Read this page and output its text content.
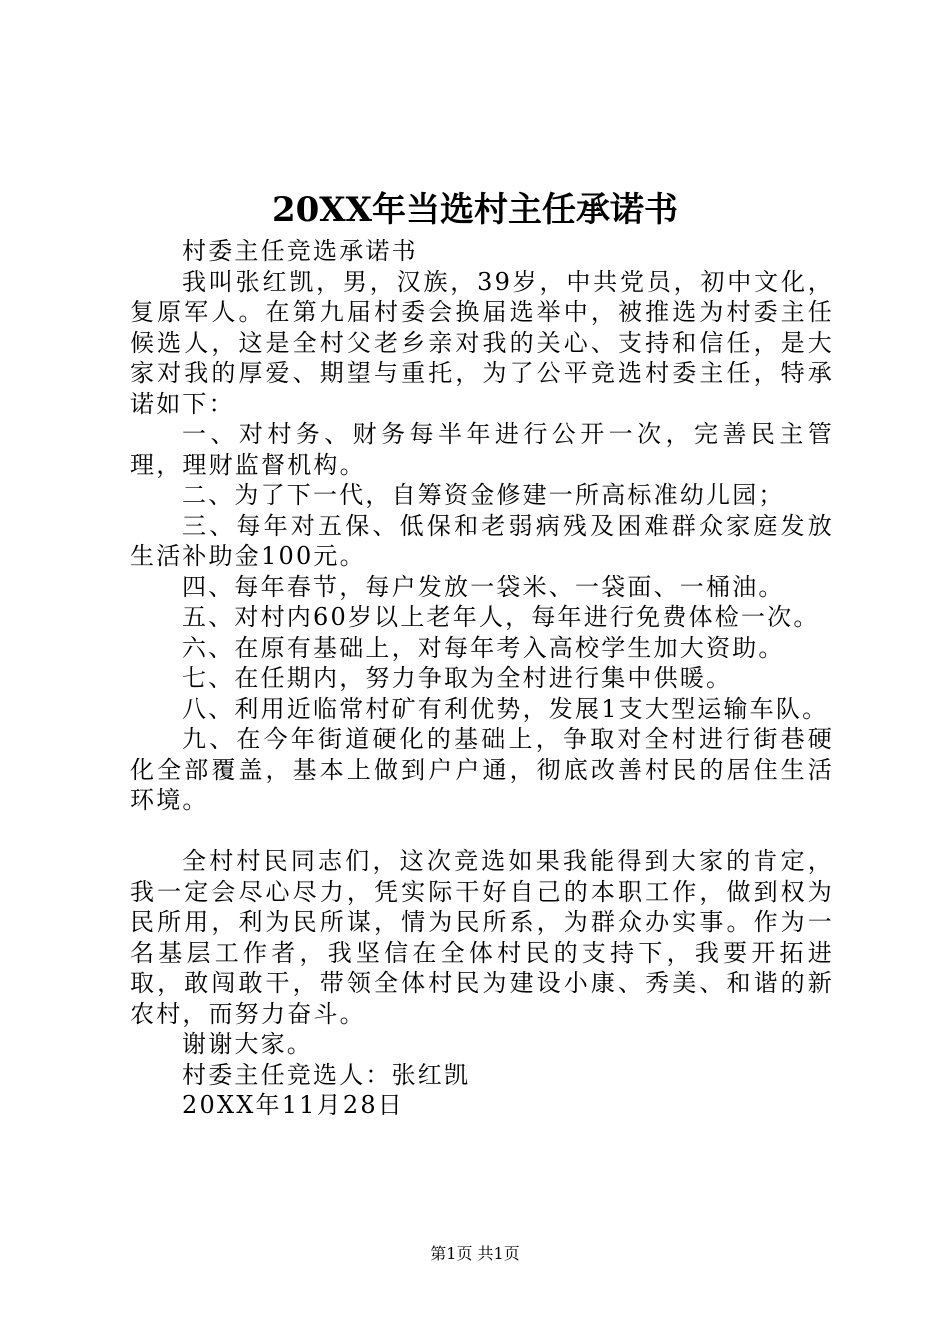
20XX年当选村主任承诺书

村委主任竞选承诺书

我叫张红凯，男，汉族，39岁，中共党员，初中文化，复原军人。在第九届村委会换届选举中，被推选为村委主任候选人，这是全村父老乡亲对我的关心、支持和信任，是大家对我的厚爱、期望与重托，为了公平竞选村委主任，特承诺如下：

一、对村务、财务每半年进行公开一次，完善民主管理，理财监督机构。

二、为了下一代，自筹资金修建一所高标准幼儿园；

三、每年对五保、低保和老弱病残及困难群众家庭发放生活补助金100元。

四、每年春节，每户发放一袋米、一袋面、一桶油。

五、对村内60岁以上老年人，每年进行免费体检一次。

六、在原有基础上，对每年考入高校学生加大资助。

七、在任期内，努力争取为全村进行集中供暖。

八、利用近临常村矿有利优势，发展1支大型运输车队。

九、在今年街道硬化的基础上，争取对全村进行街巷硬化全部覆盖，基本上做到户户通，彻底改善村民的居住生活环境。

全村村民同志们，这次竞选如果我能得到大家的肯定，我一定会尽心尽力，凭实际干好自己的本职工作，做到权为民所用，利为民所谋，情为民所系，为群众办实事。作为一名基层工作者，我坚信在全体村民的支持下，我要开拓进取，敢闯敢干，带领全体村民为建设小康、秀美、和谐的新农村，而努力奋斗。

谢谢大家。

村委主任竞选人：张红凯

20XX年11月28日

第1页 共1页
